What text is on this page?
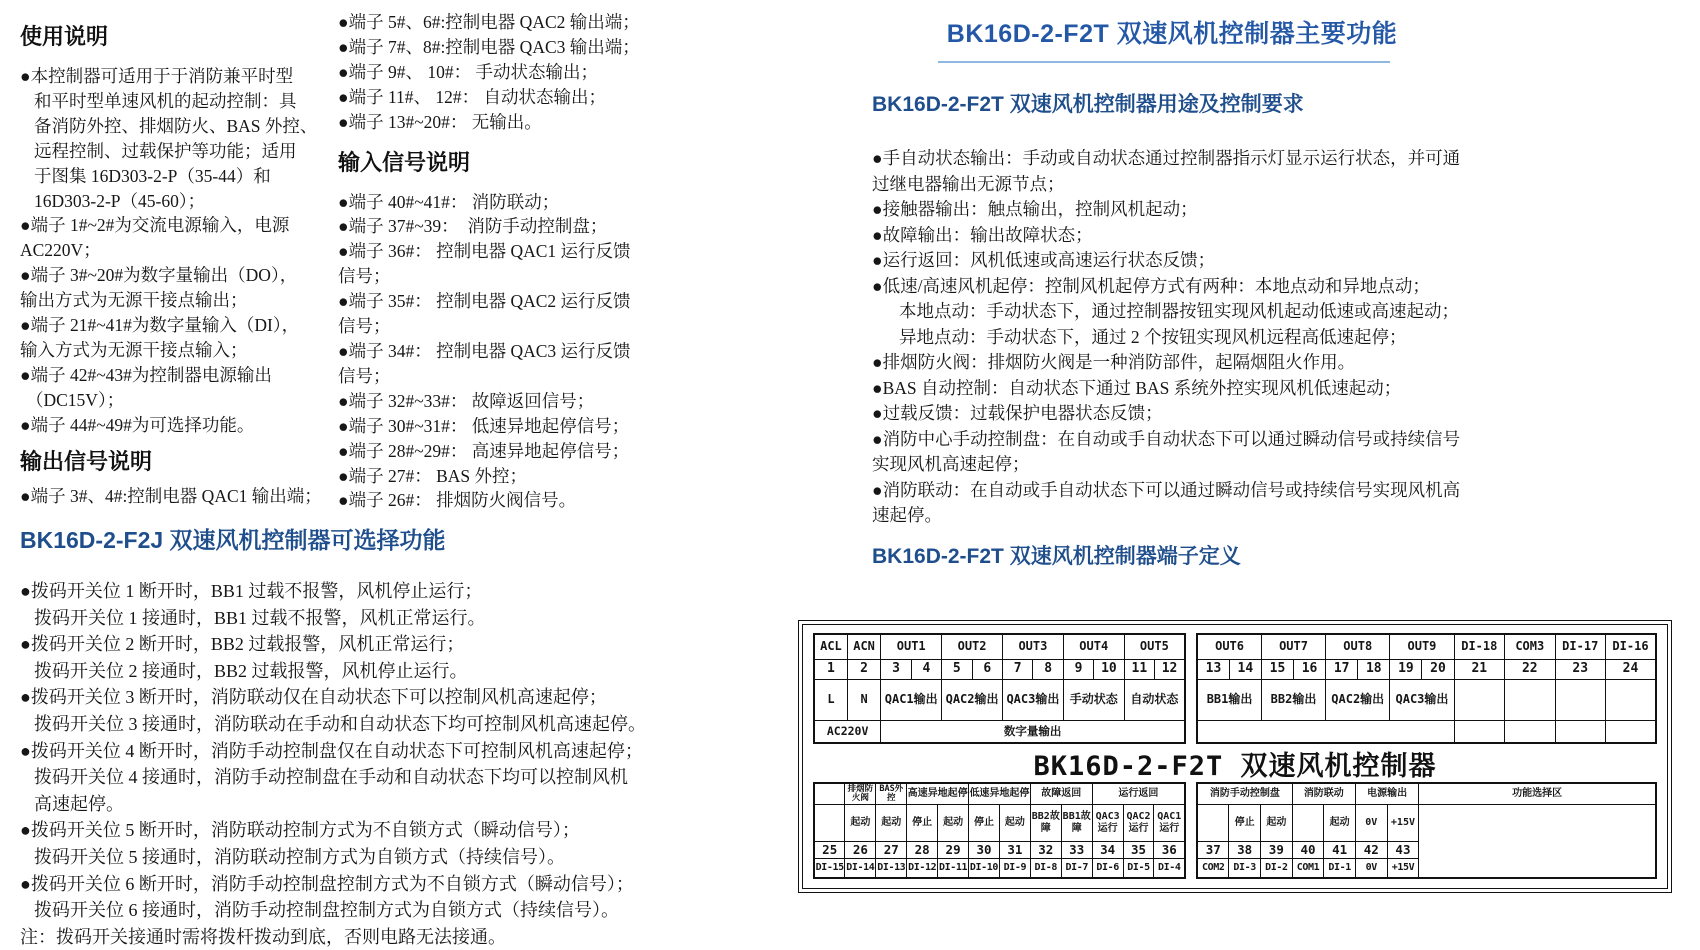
使用说明
●本控制器可适用于于消防兼平时型
和平时型单速风机的起动控制：具
备消防外控、排烟防火、BAS 外控、
远程控制、过载保护等功能；适用
于图集 16D303-2-P（35-44）和
16D303-2-P（45-60）；
●端子 1#~2#为交流电源输入，电源
AC220V；
●端子 3#~20#为数字量输出（DO），
输出方式为无源干接点输出；
●端子 21#~41#为数字量输入（DI），
输入方式为无源干接点输入；
●端子 42#~43#为控制器电源输出
（DC15V）；
●端子 44#~49#为可选择功能。
输出信号说明
●端子 3#、4#:控制电器 QAC1 输出端；
●端子 5#、6#:控制电器 QAC2 输出端；
●端子 7#、8#:控制电器 QAC3 输出端；
●端子 9#、 10#： 手动状态输出；
●端子 11#、 12#： 自动状态输出；
●端子 13#~20#： 无输出。
输入信号说明
●端子 40#~41#： 消防联动；
●端子 37#~39：  消防手动控制盘；
●端子 36#： 控制电器 QAC1 运行反馈
信号；
●端子 35#： 控制电器 QAC2 运行反馈
信号；
●端子 34#： 控制电器 QAC3 运行反馈
信号；
●端子 32#~33#： 故障返回信号；
●端子 30#~31#： 低速异地起停信号；
●端子 28#~29#： 高速异地起停信号；
●端子 27#： BAS 外控；
●端子 26#： 排烟防火阀信号。
BK16D-2-F2J 双速风机控制器可选择功能
●拨码开关位 1 断开时，BB1 过载不报警，风机停止运行；
拨码开关位 1 接通时，BB1 过载不报警，风机正常运行。
●拨码开关位 2 断开时，BB2 过载报警，风机正常运行；
拨码开关位 2 接通时，BB2 过载报警，风机停止运行。
●拨码开关位 3 断开时，消防联动仅在自动状态下可以控制风机高速起停；
拨码开关位 3 接通时，消防联动在手动和自动状态下均可控制风机高速起停。
●拨码开关位 4 断开时，消防手动控制盘仅在自动状态下可控制风机高速起停；
拨码开关位 4 接通时，消防手动控制盘在手动和自动状态下均可以控制风机
高速起停。
●拨码开关位 5 断开时，消防联动控制方式为不自锁方式（瞬动信号）；
拨码开关位 5 接通时，消防联动控制方式为自锁方式（持续信号）。
●拨码开关位 6 断开时，消防手动控制盘控制方式为不自锁方式（瞬动信号）；
拨码开关位 6 接通时，消防手动控制盘控制方式为自锁方式（持续信号）。
注：拨码开关接通时需将拨杆拨动到底，否则电路无法接通。
BK16D-2-F2T 双速风机控制器主要功能
BK16D-2-F2T 双速风机控制器用途及控制要求
●手自动状态输出：手动或自动状态通过控制器指示灯显示运行状态，并可通
过继电器输出无源节点；
●接触器输出：触点输出，控制风机起动；
●故障输出：输出故障状态；
●运行返回：风机低速或高速运行状态反馈；
●低速/高速风机起停：控制风机起停方式有两种：本地点动和异地点动；
本地点动：手动状态下，通过控制器按钮实现风机起动低速或高速起动；
异地点动：手动状态下，通过 2 个按钮实现风机远程高低速起停；
●排烟防火阀：排烟防火阀是一种消防部件，起隔烟阻火作用。
●BAS 自动控制：自动状态下通过 BAS 系统外控实现风机低速起动；
●过载反馈：过载保护电器状态反馈；
●消防中心手动控制盘：在自动或手自动状态下可以通过瞬动信号或持续信号
实现风机高速起停；
●消防联动：在自动或手自动状态下可以通过瞬动信号或持续信号实现风机高
速起停。
BK16D-2-F2T 双速风机控制器端子定义
ACL	ACN	OUT1		OUT2		OUT3		OUT4		OUT5	
1	2	3	4	5	6	7	8	9	10	11	12
L	N	QAC1输出		QAC2输出		QAC3输出		手动状态		自动状态	
AC220V		数字量输出									
OUT6		OUT7		OUT8		OUT9		DI-18	COM3	DI-17	DI-16
13	14	15	16	17	18	19	20	21	22	23	24
BB1输出		BB2输出		QAC2输出		QAC3输出					

BK16D-2-F2T 双速风机控制器
	排烟防火阀	BAS外控	高速异地起停		低速异地起停		故障返回		运行返回		
	起动	起动	停止	起动	停止	起动	BB2故障	BB1故障	QAC3运行	QAC2运行	QAC1运行
25	26	27	28	29	30	31	32	33	34	35	36
DI-15	DI-14	DI-13	DI-12	DI-11	DI-10	DI-9	DI-8	DI-7	DI-6	DI-5	DI-4
消防手动控制盘			消防联动		电源输出		功能选择区
	停止	起动		起动	0V	+15V	
37	38	39	40	41	42	43	
COM2	DI-3	DI-2	COM1	DI-1	0V	+15V	
